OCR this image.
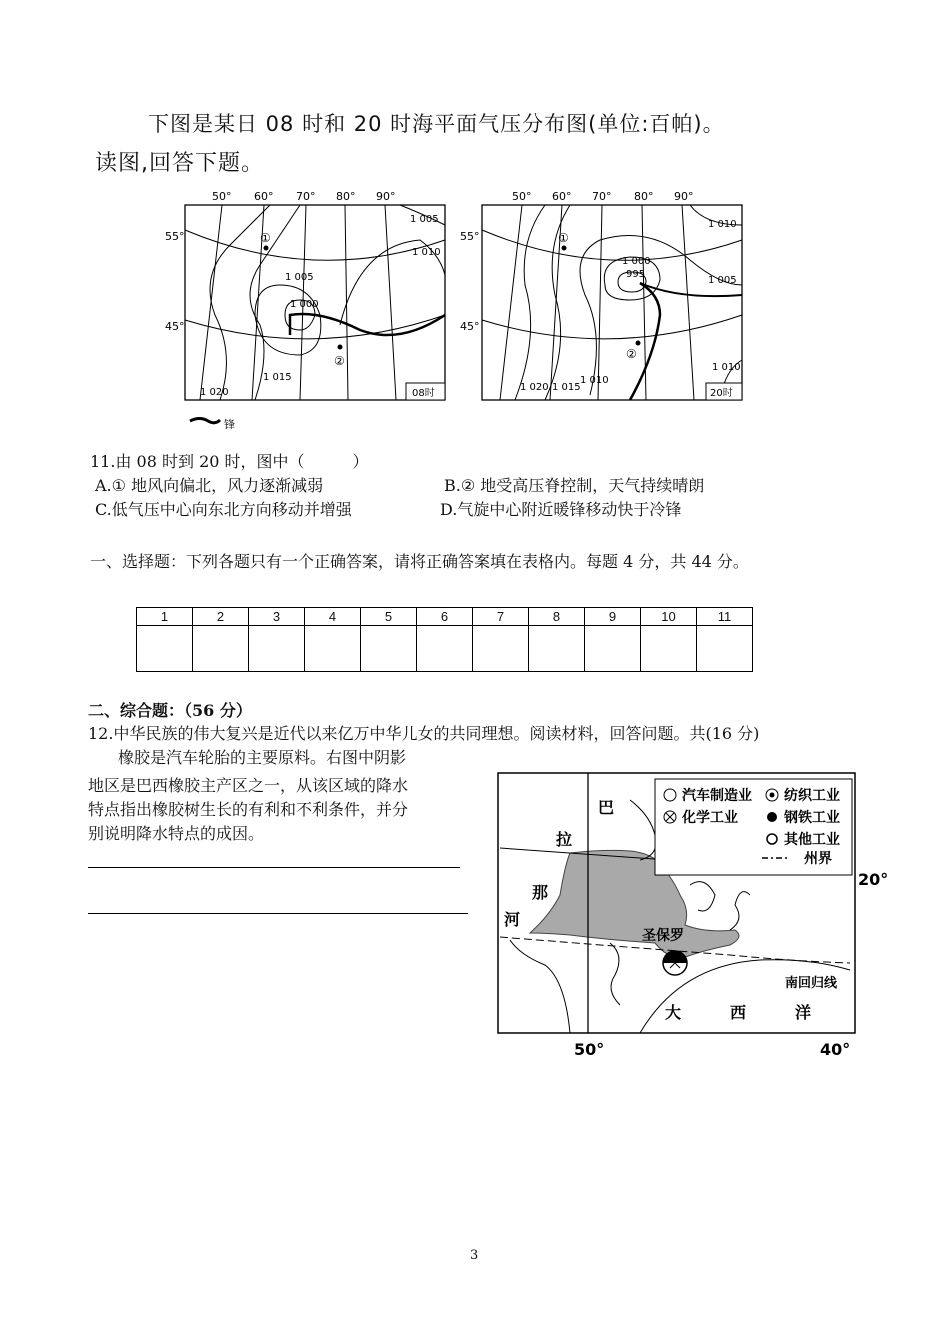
下图是某日 08 时和 20 时海平面气压分布图(单位:百帕)。
读图,回答下题。
50° 60° 70° 80° 90°
55°
45°
①
②
1 005
1 010
1 005
1 000
1 015
1 020	08时
50° 60° 70° 80° 90°
55°
45°
①
②
1 010
1 000
995
1 005
1 010
1 020 1 015
1 010
20时
锋
11.由 08 时到 20 时，图中（　　　）
A.① 地风向偏北，风力逐渐减弱	B.② 地受高压脊控制，天气持续晴朗
C.低气压中心向东北方向移动并增强	D.气旋中心附近暖锋移动快于冷锋
一、选择题：下列各题只有一个正确答案，请将正确答案填在表格内。每题 4 分，共 44 分。
1	2	3	4	5	6	7	8	9	10	11

二、综合题：（56 分）
12.中华民族的伟大复兴是近代以来亿万中华儿女的共同理想。阅读材料，回答问题。共(16 分)
橡胶是汽车轮胎的主要原料。右图中阴影
地区是巴西橡胶主产区之一，从该区域的降水
特点指出橡胶树生长的有利和不利条件，并分
别说明降水特点的成因。
汽车制造业 纺织工业
化学工业	钢铁工业
其他工业
州界
巴
拉
那
河
圣保罗
南回归线
大	西	洋
20°
50°	40°
3
